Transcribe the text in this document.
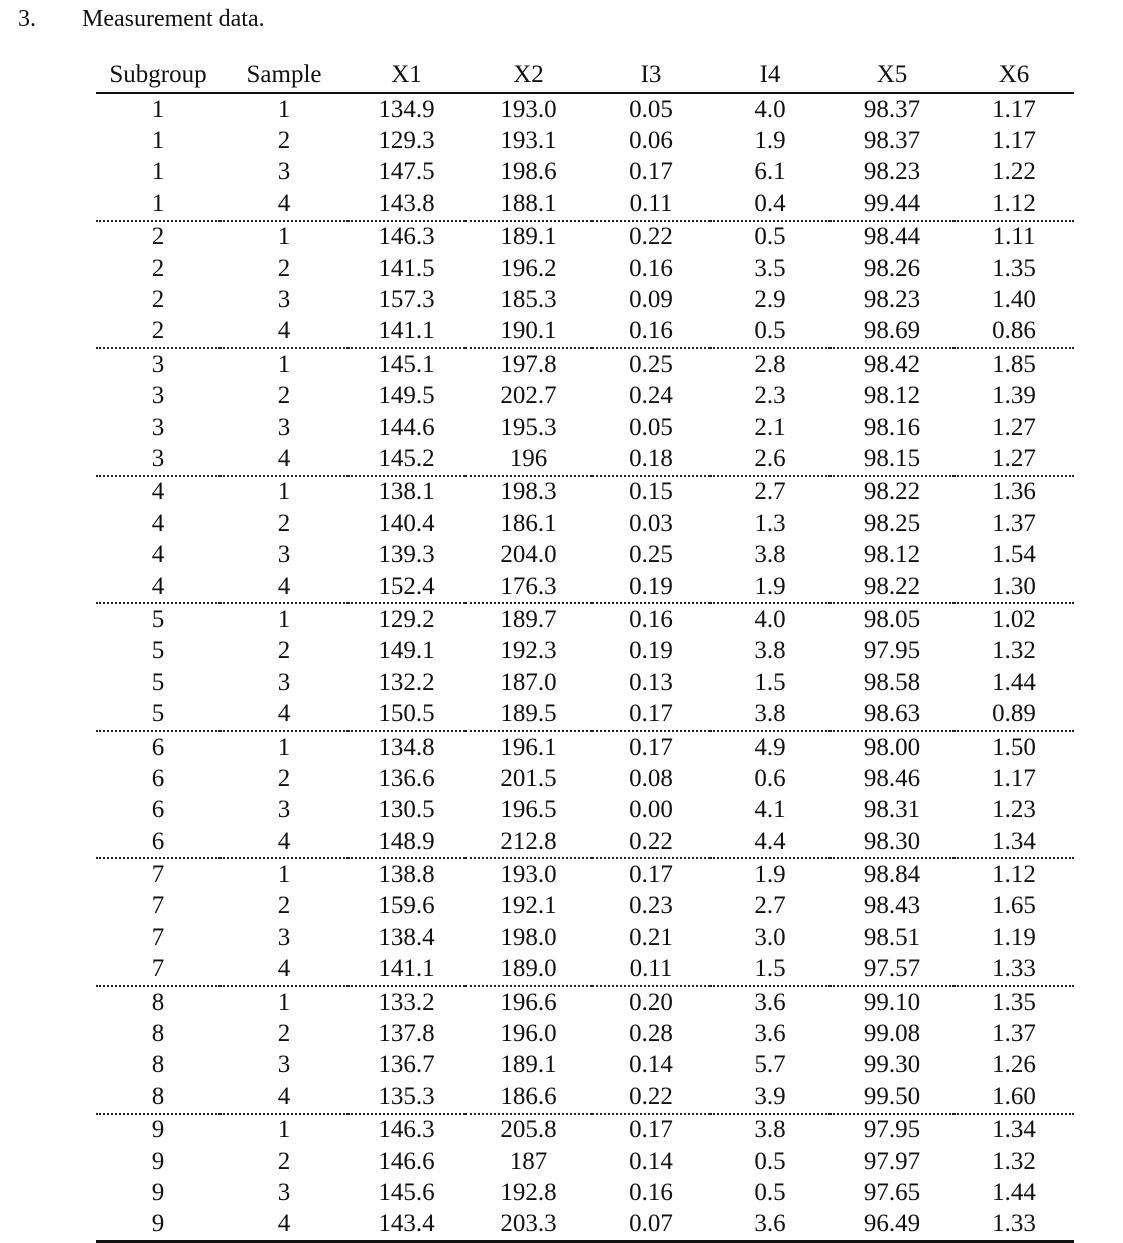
3. Measurement data.
Subgroup	Sample	X1	X2	I3	I4	X5	X6
1	1	134.9	193.0	0.05	4.0	98.37	1.17
1	2	129.3	193.1	0.06	1.9	98.37	1.17
1	3	147.5	198.6	0.17	6.1	98.23	1.22
1	4	143.8	188.1	0.11	0.4	99.44	1.12
2	1	146.3	189.1	0.22	0.5	98.44	1.11
2	2	141.5	196.2	0.16	3.5	98.26	1.35
2	3	157.3	185.3	0.09	2.9	98.23	1.40
2	4	141.1	190.1	0.16	0.5	98.69	0.86
3	1	145.1	197.8	0.25	2.8	98.42	1.85
3	2	149.5	202.7	0.24	2.3	98.12	1.39
3	3	144.6	195.3	0.05	2.1	98.16	1.27
3	4	145.2	196	0.18	2.6	98.15	1.27
4	1	138.1	198.3	0.15	2.7	98.22	1.36
4	2	140.4	186.1	0.03	1.3	98.25	1.37
4	3	139.3	204.0	0.25	3.8	98.12	1.54
4	4	152.4	176.3	0.19	1.9	98.22	1.30
5	1	129.2	189.7	0.16	4.0	98.05	1.02
5	2	149.1	192.3	0.19	3.8	97.95	1.32
5	3	132.2	187.0	0.13	1.5	98.58	1.44
5	4	150.5	189.5	0.17	3.8	98.63	0.89
6	1	134.8	196.1	0.17	4.9	98.00	1.50
6	2	136.6	201.5	0.08	0.6	98.46	1.17
6	3	130.5	196.5	0.00	4.1	98.31	1.23
6	4	148.9	212.8	0.22	4.4	98.30	1.34
7	1	138.8	193.0	0.17	1.9	98.84	1.12
7	2	159.6	192.1	0.23	2.7	98.43	1.65
7	3	138.4	198.0	0.21	3.0	98.51	1.19
7	4	141.1	189.0	0.11	1.5	97.57	1.33
8	1	133.2	196.6	0.20	3.6	99.10	1.35
8	2	137.8	196.0	0.28	3.6	99.08	1.37
8	3	136.7	189.1	0.14	5.7	99.30	1.26
8	4	135.3	186.6	0.22	3.9	99.50	1.60
9	1	146.3	205.8	0.17	3.8	97.95	1.34
9	2	146.6	187	0.14	0.5	97.97	1.32
9	3	145.6	192.8	0.16	0.5	97.65	1.44
9	4	143.4	203.3	0.07	3.6	96.49	1.33
